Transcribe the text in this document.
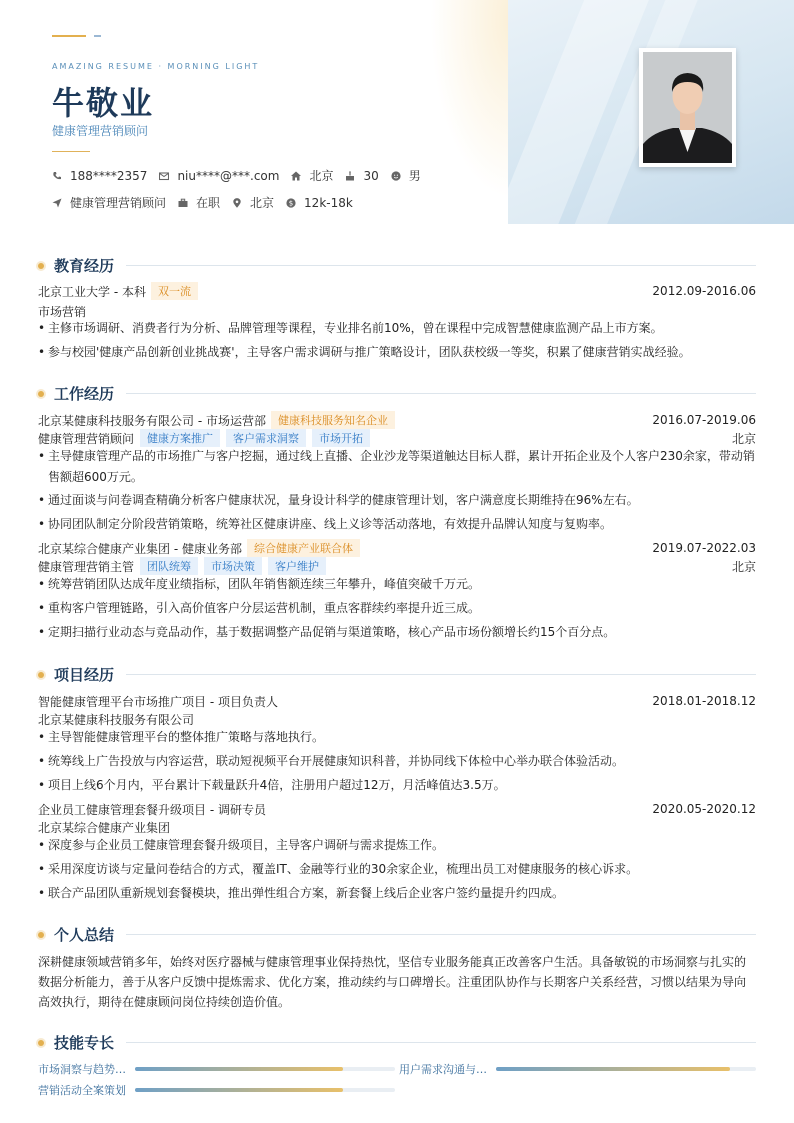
AMAZING RESUME · MORNING LIGHT
牛敬业
健康管理营销顾问
188****2357	niu****@***.com	北京	30	男
健康管理营销顾问	在职	北京 $ 12k-18k
教育经历
北京工业大学 - 本科	双一流	2012.09-2016.06
市场营销
• 主修市场调研、消费者行为分析、品牌管理等课程，专业排名前10%，曾在课程中完成智慧健康监测产品上市方案。
• 参与校园'健康产品创新创业挑战赛'，主导客户需求调研与推广策略设计，团队获校级一等奖，积累了健康营销实战经验。
工作经历
北京某健康科技服务有限公司 - 市场运营部	健康科技服务知名企业	2016.07-2019.06
健康管理营销顾问	健康方案推广	客户需求洞察	市场开拓	北京
• 主导健康管理产品的市场推广与客户挖掘，通过线上直播、企业沙龙等渠道触达目标人群，累计开拓企业及个人客户230余家，带动销售额超600万元。
• 通过面谈与问卷调查精确分析客户健康状况，量身设计科学的健康管理计划，客户满意度长期维持在96%左右。
• 协同团队制定分阶段营销策略，统筹社区健康讲座、线上义诊等活动落地，有效提升品牌认知度与复购率。
北京某综合健康产业集团 - 健康业务部	综合健康产业联合体	2019.07-2022.03
健康管理营销主管	团队统筹	市场决策	客户维护	北京
• 统筹营销团队达成年度业绩指标，团队年销售额连续三年攀升，峰值突破千万元。
• 重构客户管理链路，引入高价值客户分层运营机制，重点客群续约率提升近三成。
• 定期扫描行业动态与竞品动作，基于数据调整产品促销与渠道策略，核心产品市场份额增长约15个百分点。
项目经历
智能健康管理平台市场推广项目 - 项目负责人	2018.01-2018.12
北京某健康科技服务有限公司
• 主导智能健康管理平台的整体推广策略与落地执行。
• 统筹线上广告投放与内容运营，联动短视频平台开展健康知识科普，并协同线下体检中心举办联合体验活动。
• 项目上线6个月内，平台累计下载量跃升4倍，注册用户超过12万，月活峰值达3.5万。
企业员工健康管理套餐升级项目 - 调研专员	2020.05-2020.12
北京某综合健康产业集团
• 深度参与企业员工健康管理套餐升级项目，主导客户调研与需求提炼工作。
• 采用深度访谈与定量问卷结合的方式，覆盖IT、金融等行业的30余家企业，梳理出员工对健康服务的核心诉求。
• 联合产品团队重新规划套餐模块，推出弹性组合方案，新套餐上线后企业客户签约量提升约四成。
个人总结
深耕健康领域营销多年，始终对医疗器械与健康管理事业保持热忱，坚信专业服务能真正改善客户生活。具备敏锐的市场洞察与扎实的数据分析能力，善于从客户反馈中提炼需求、优化方案，推动续约与口碑增长。注重团队协作与长期客户关系经营，习惯以结果为导向高效执行，期待在健康顾问岗位持续创造价值。
技能专长
市场洞察与趋势…	用户需求沟通与…
营销活动全案策划
